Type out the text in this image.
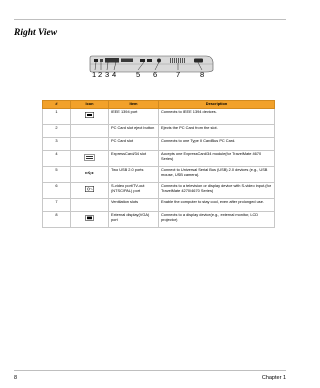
Right View
1 2 3 4	5 6	7	8
#	Icon	Item	Description
1		IEEE 1394 port	Connects to IEEE 1394 devices.
2		PC Card slot eject button	Ejects the PC Card from the slot.
3		PC Card slot	Connects to one Type II CardBus PC Card.
4		ExpressCard/34 slot	Accepts one ExpressCard/34 module(for TravelMate 4670 Series)
5		Two USB 2.0 ports	Connect to Universal Serial Bus (USB) 2.0 devices (e.g., USB mouse, USB camera).
6		S-video port/TV-out (NTSC/PAL) port	Connects to a television or display device with S-video input.(for TravelMate 4270/4670 Series)
7		Ventilation slots	Enable the computer to stay cool, even after prolonged use.
8		External display(VGA) port	Connects to a display device(e.g., external monitor, LCD projector)
8	Chapter 1
